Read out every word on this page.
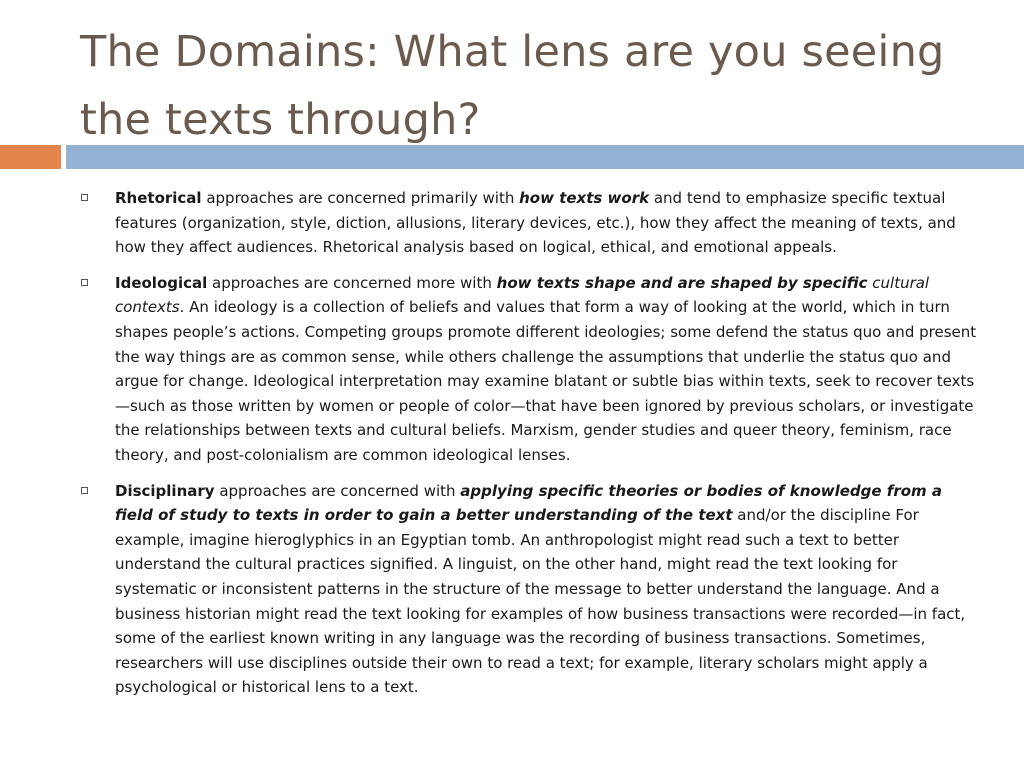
The Domains: What lens are you seeing
the texts through?
Rhetorical approaches are concerned primarily with how texts work and tend to emphasize specific textual features (organization, style, diction, allusions, literary devices, etc.), how they affect the meaning of texts, and how they affect audiences. Rhetorical analysis based on logical, ethical, and emotional appeals.
Ideological approaches are concerned more with how texts shape and are shaped by specific cultural contexts. An ideology is a collection of beliefs and values that form a way of looking at the world, which in turn shapes people’s actions. Competing groups promote different ideologies; some defend the status quo and present the way things are as common sense, while others challenge the assumptions that underlie the status quo and argue for change. Ideological interpretation may examine blatant or subtle bias within texts, seek to recover texts—such as those written by women or people of color—that have been ignored by previous scholars, or investigate the relationships between texts and cultural beliefs. Marxism, gender studies and queer theory, feminism, race theory, and post-colonialism are common ideological lenses.
Disciplinary approaches are concerned with applying specific theories or bodies of knowledge from a field of study to texts in order to gain a better understanding of the text and/or the discipline For example, imagine hieroglyphics in an Egyptian tomb. An anthropologist might read such a text to better understand the cultural practices signified. A linguist, on the other hand, might read the text looking for systematic or inconsistent patterns in the structure of the message to better understand the language. And a business historian might read the text looking for examples of how business transactions were recorded—in fact, some of the earliest known writing in any language was the recording of business transactions. Sometimes, researchers will use disciplines outside their own to read a text; for example, literary scholars might apply a psychological or historical lens to a text.
